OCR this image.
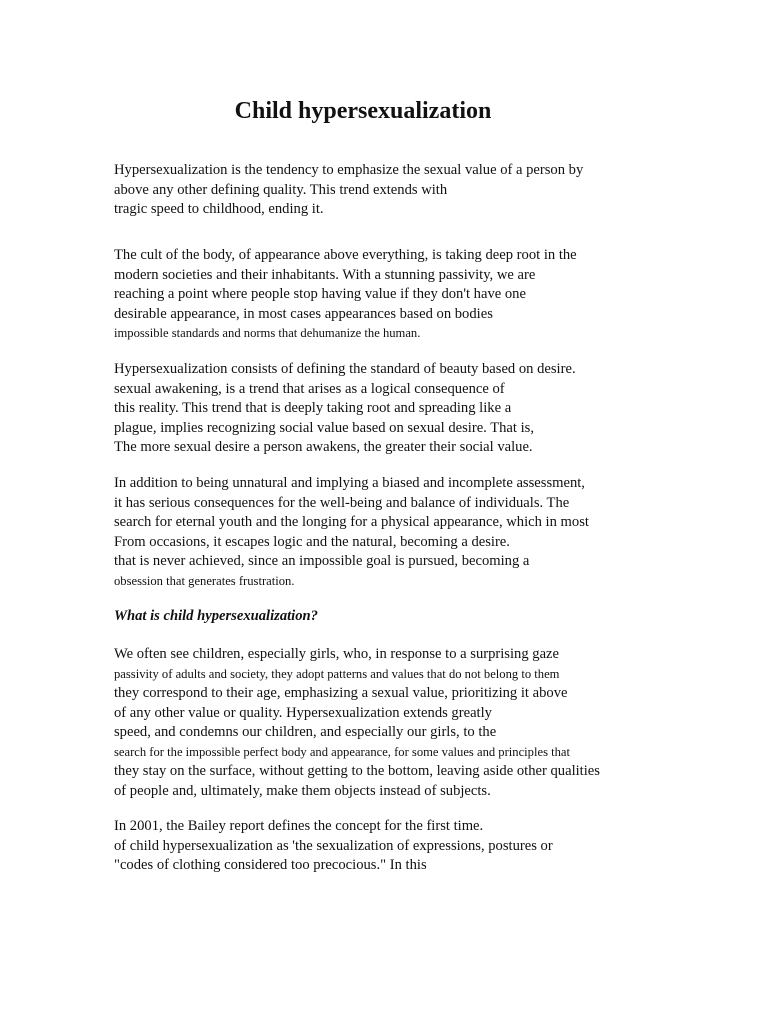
Child hypersexualization
Hypersexualization is the tendency to emphasize the sexual value of a person by
above any other defining quality. This trend extends with
tragic speed to childhood, ending it.
The cult of the body, of appearance above everything, is taking deep root in the
modern societies and their inhabitants. With a stunning passivity, we are
reaching a point where people stop having value if they don't have one
desirable appearance, in most cases appearances based on bodies
impossible standards and norms that dehumanize the human.
Hypersexualization consists of defining the standard of beauty based on desire.
sexual awakening, is a trend that arises as a logical consequence of
this reality. This trend that is deeply taking root and spreading like a
plague, implies recognizing social value based on sexual desire. That is,
The more sexual desire a person awakens, the greater their social value.
In addition to being unnatural and implying a biased and incomplete assessment,
it has serious consequences for the well-being and balance of individuals. The
search for eternal youth and the longing for a physical appearance, which in most
From occasions, it escapes logic and the natural, becoming a desire.
that is never achieved, since an impossible goal is pursued, becoming a
obsession that generates frustration.
What is child hypersexualization?
We often see children, especially girls, who, in response to a surprising gaze
passivity of adults and society, they adopt patterns and values that do not belong to them
they correspond to their age, emphasizing a sexual value, prioritizing it above
of any other value or quality. Hypersexualization extends greatly
speed, and condemns our children, and especially our girls, to the
search for the impossible perfect body and appearance, for some values and principles that
they stay on the surface, without getting to the bottom, leaving aside other qualities
of people and, ultimately, make them objects instead of subjects.
In 2001, the Bailey report defines the concept for the first time.
of child hypersexualization as 'the sexualization of expressions, postures or
"codes of clothing considered too precocious." In this
